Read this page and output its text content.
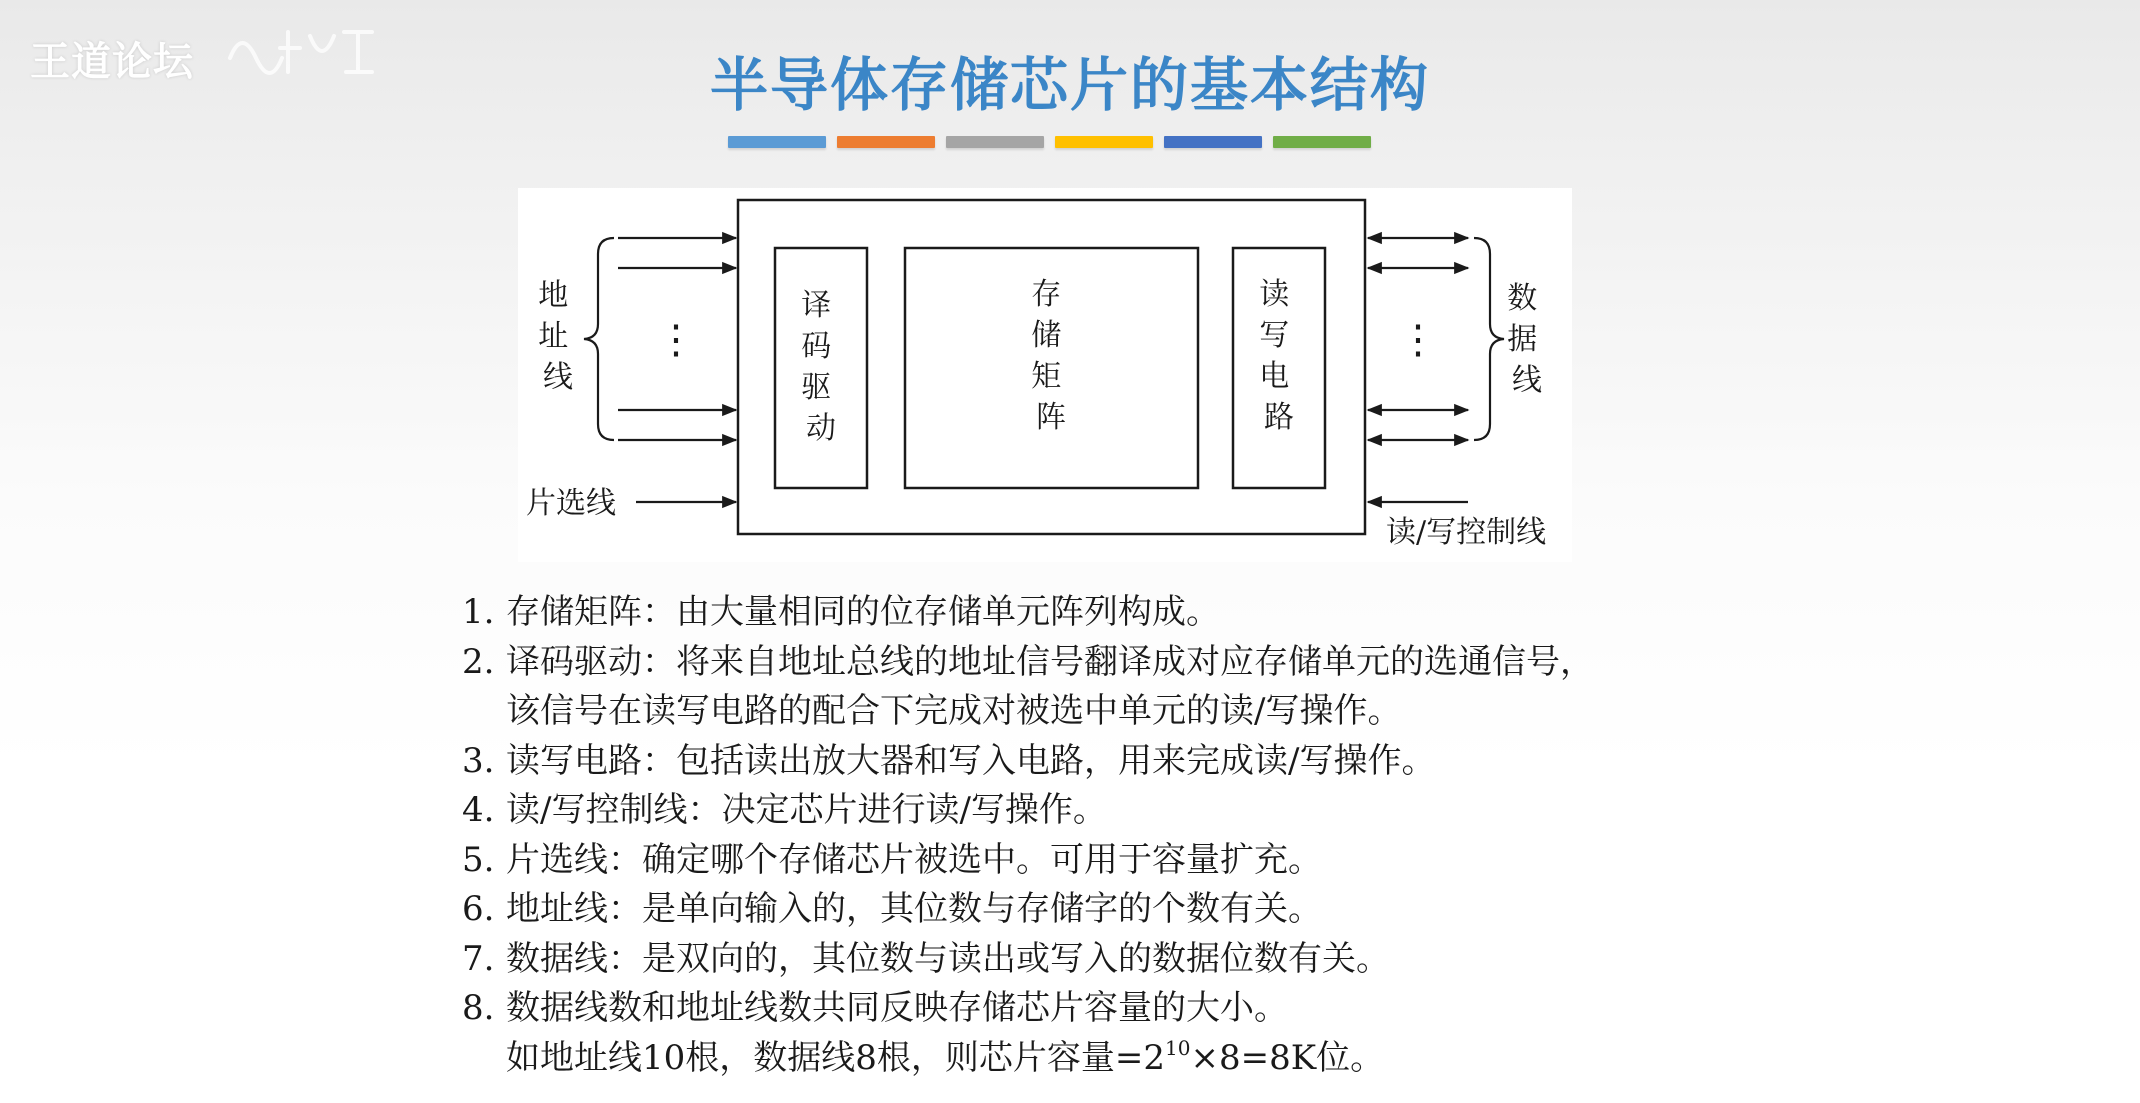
王道论坛	半导体存储芯片的基本结构
译 码 驱 动
存 储 矩 阵
读 写 电 路
⋮
地 址 线
⋮
数 据 线
片选线
读/写控制线
1. 存储矩阵：由大量相同的位存储单元阵列构成。
2. 译码驱动：将来自地址总线的地址信号翻译成对应存储单元的选通信号，
该信号在读写电路的配合下完成对被选中单元的读/写操作。
3. 读写电路：包括读出放大器和写入电路，用来完成读/写操作。
4. 读/写控制线：决定芯片进行读/写操作。
5. 片选线：确定哪个存储芯片被选中。可用于容量扩充。
6. 地址线：是单向输入的，其位数与存储字的个数有关。
7. 数据线：是双向的，其位数与读出或写入的数据位数有关。
8. 数据线数和地址线数共同反映存储芯片容量的大小。
如地址线10根，数据线8根，则芯片容量$=2^{10}\times 8=8K$位。
